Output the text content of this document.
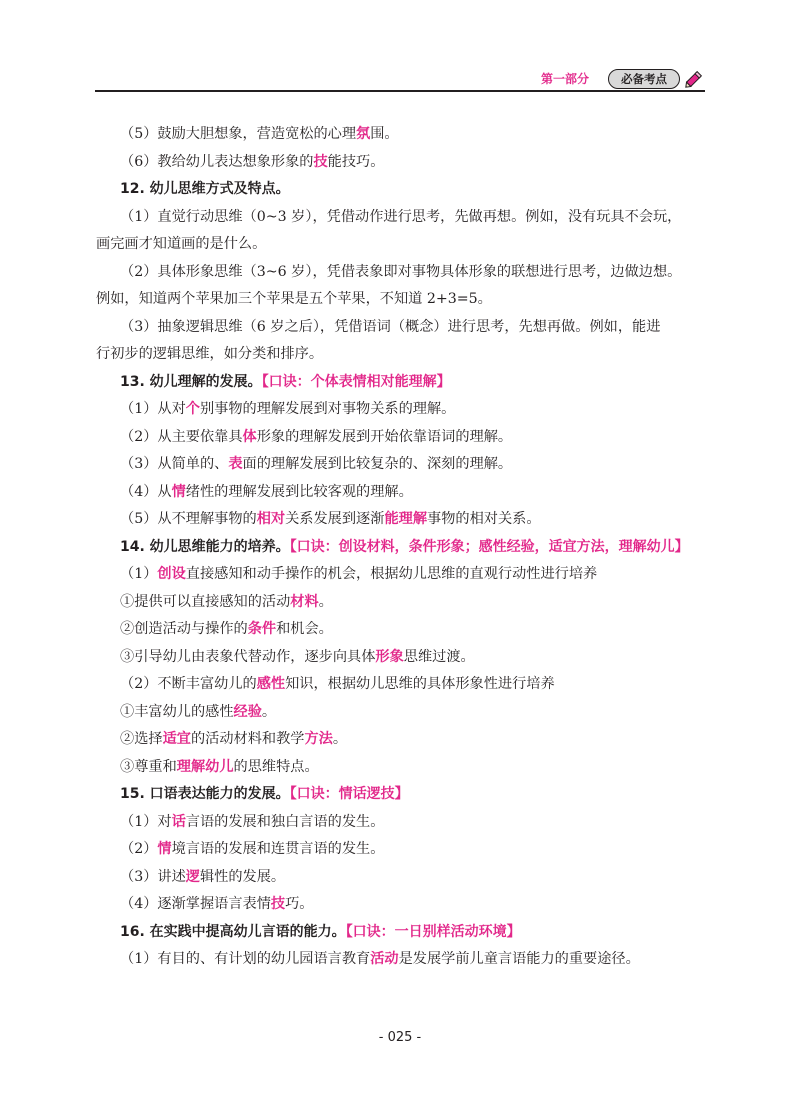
第一部分	必备考点
（5）鼓励大胆想象，营造宽松的心理氛围。
（6）教给幼儿表达想象形象的技能技巧。
12. 幼儿思维方式及特点。
（1）直觉行动思维（0~3 岁），凭借动作进行思考，先做再想。例如，没有玩具不会玩，
画完画才知道画的是什么。
（2）具体形象思维（3~6 岁），凭借表象即对事物具体形象的联想进行思考，边做边想。
例如，知道两个苹果加三个苹果是五个苹果，不知道 2+3=5。
（3）抽象逻辑思维（6 岁之后），凭借语词（概念）进行思考，先想再做。例如，能进
行初步的逻辑思维，如分类和排序。
13. 幼儿理解的发展。【口诀：个体表情相对能理解】
（1）从对个别事物的理解发展到对事物关系的理解。
（2）从主要依靠具体形象的理解发展到开始依靠语词的理解。
（3）从简单的、表面的理解发展到比较复杂的、深刻的理解。
（4）从情绪性的理解发展到比较客观的理解。
（5）从不理解事物的相对关系发展到逐渐能理解事物的相对关系。
14. 幼儿思维能力的培养。【口诀：创设材料，条件形象；感性经验，适宜方法，理解幼儿】
（1）创设直接感知和动手操作的机会，根据幼儿思维的直观行动性进行培养
①提供可以直接感知的活动材料。
②创造活动与操作的条件和机会。
③引导幼儿由表象代替动作，逐步向具体形象思维过渡。
（2）不断丰富幼儿的感性知识，根据幼儿思维的具体形象性进行培养
①丰富幼儿的感性经验。
②选择适宜的活动材料和教学方法。
③尊重和理解幼儿的思维特点。
15. 口语表达能力的发展。【口诀：情话逻技】
（1）对话言语的发展和独白言语的发生。
（2）情境言语的发展和连贯言语的发生。
（3）讲述逻辑性的发展。
（4）逐渐掌握语言表情技巧。
16. 在实践中提高幼儿言语的能力。【口诀：一日别样活动环境】
（1）有目的、有计划的幼儿园语言教育活动是发展学前儿童言语能力的重要途径。
- 025 -
